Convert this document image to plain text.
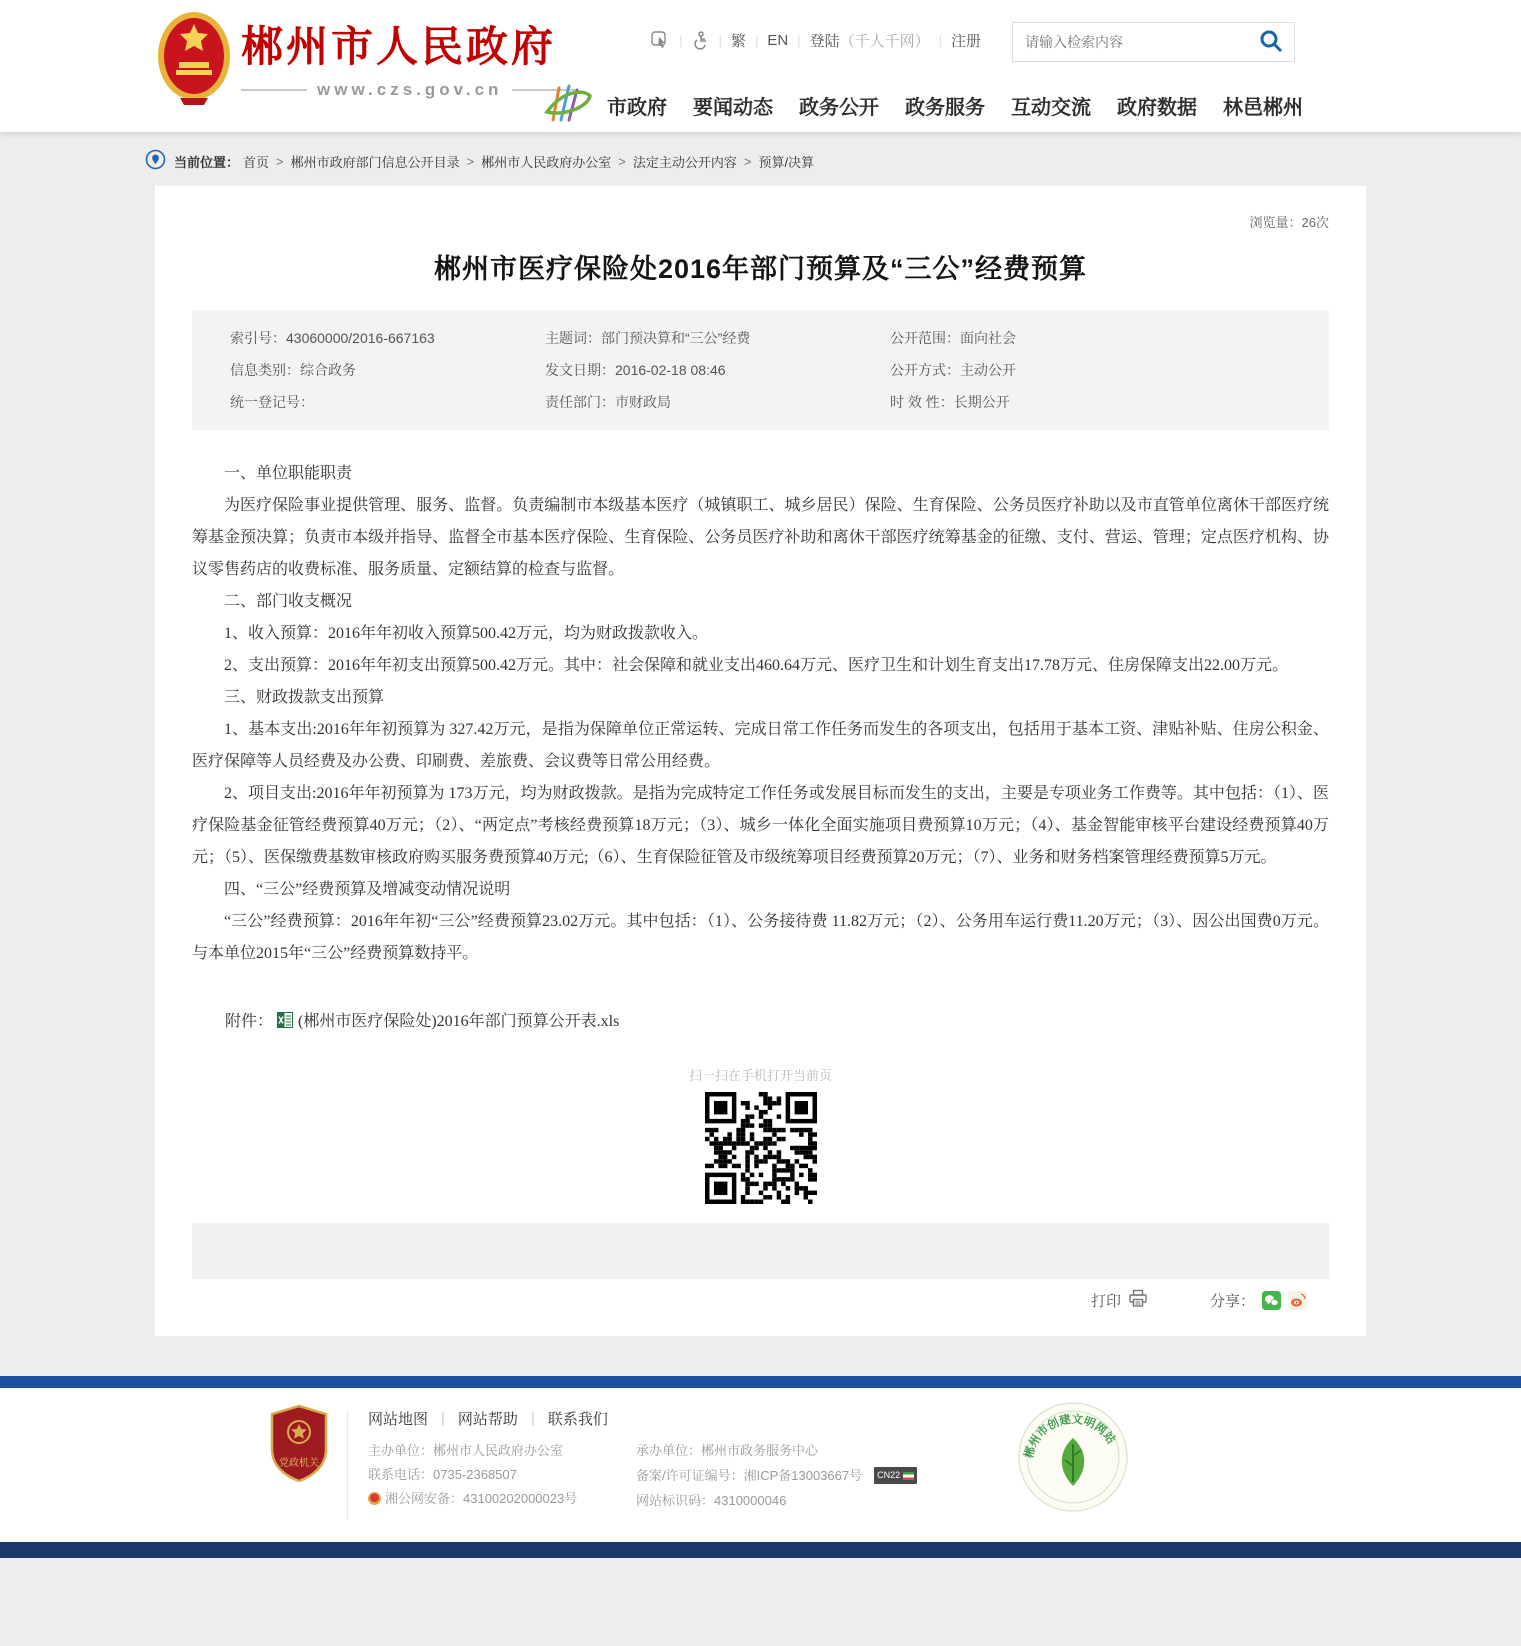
郴州市人民政府
www.czs.gov.cn
|	| 繁 | EN | 登陆（千人千网） | 注册
请输入检索内容
市政府 要闻动态 政务公开 政务服务 互动交流 政府数据 林邑郴州
当前位置： 首页 > 郴州市政府部门信息公开目录 > 郴州市人民政府办公室 > 法定主动公开内容 > 预算/决算
浏览量：26次
郴州市医疗保险处2016年部门预算及“三公”经费预算
索引号：43060000/2016-667163	主题词：部门预决算和“三公”经费	公开范围：面向社会
信息类别：综合政务	发文日期：2016-02-18 08:46	公开方式：主动公开
统一登记号：	责任部门：市财政局	时 效 性：长期公开

一、单位职能职责

为医疗保险事业提供管理、服务、监督。负责编制市本级基本医疗（城镇职工、城乡居民）保险、生育保险、公务员医疗补助以及市直管单位离休干部医疗统筹基金预决算；负责市本级并指导、监督全市基本医疗保险、生育保险、公务员医疗补助和离休干部医疗统筹基金的征缴、支付、营运、管理；定点医疗机构、协议零售药店的收费标准、服务质量、定额结算的检查与监督。

二、部门收支概况

1、收入预算：2016年年初收入预算500.42万元，均为财政拨款收入。

2、支出预算：2016年年初支出预算500.42万元。其中：社会保障和就业支出460.64万元、医疗卫生和计划生育支出17.78万元、住房保障支出22.00万元。

三、财政拨款支出预算

1、基本支出:2016年年初预算为 327.42万元，是指为保障单位正常运转、完成日常工作任务而发生的各项支出，包括用于基本工资、津贴补贴、住房公积金、医疗保障等人员经费及办公费、印刷费、差旅费、会议费等日常公用经费。

2、项目支出:2016年年初预算为 173万元，均为财政拨款。是指为完成特定工作任务或发展目标而发生的支出，主要是专项业务工作费等。其中包括：（1）、医疗保险基金征管经费预算40万元；（2）、“两定点”考核经费预算18万元；（3）、城乡一体化全面实施项目费预算10万元；（4）、基金智能审核平台建设经费预算40万元；（5）、医保缴费基数审核政府购买服务费预算40万元;（6）、生育保险征管及市级统筹项目经费预算20万元；（7）、业务和财务档案管理经费预算5万元。

四、“三公”经费预算及增减变动情况说明

“三公”经费预算：2016年年初“三公”经费预算23.02万元。其中包括：（1）、公务接待费 11.82万元；（2）、公务用车运行费11.20万元；（3）、因公出国费0万元。与本单位2015年“三公”经费预算数持平。

附件： (郴州市医疗保险处)2016年部门预算公开表.xls
扫一扫在手机打开当前页
打印	分享：
党政机关
网站地图 | 网站帮助 | 联系我们
主办单位：郴州市人民政府办公室
联系电话：0735-2368507
湘公网安备：43100202000023号
承办单位：郴州市政务服务中心
备案/许可证编号：湘ICP备13003667号 CN22
网站标识码：4310000046
郴州市创建文明网站
